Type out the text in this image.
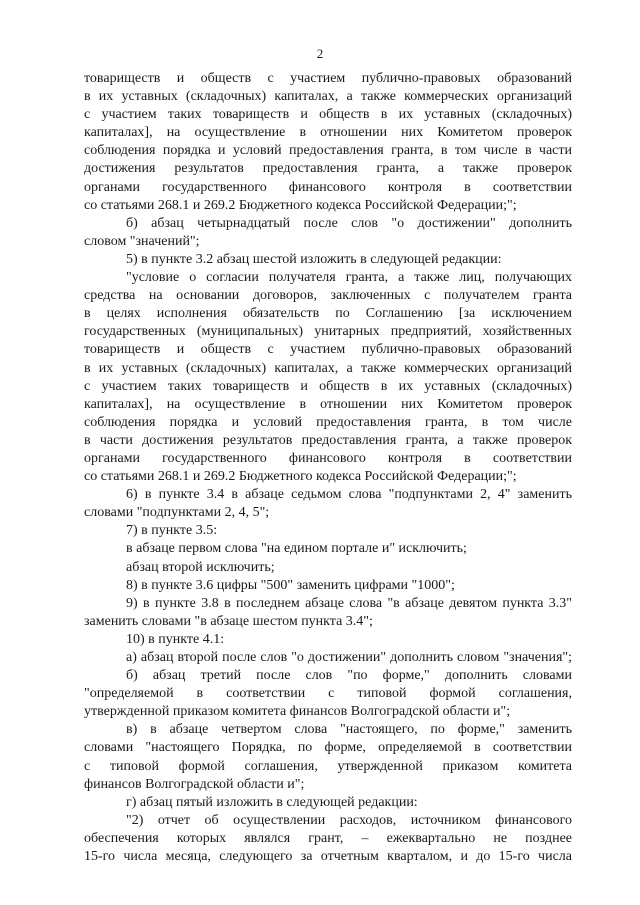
2
товариществ и обществ с участием публично-правовых образований
в их уставных (складочных) капиталах, а также коммерческих организаций
с участием таких товариществ и обществ в их уставных (складочных)
капиталах], на осуществление в отношении них Комитетом проверок
соблюдения порядка и условий предоставления гранта, в том числе в части
достижения результатов предоставления гранта, а также проверок
органами государственного финансового контроля в соответствии
со статьями 268.1 и 269.2 Бюджетного кодекса Российской Федерации;";
б) абзац четырнадцатый после слов "о достижении" дополнить
словом "значений";
5) в пункте 3.2 абзац шестой изложить в следующей редакции:
"условие о согласии получателя гранта, а также лиц, получающих
средства на основании договоров, заключенных с получателем гранта
в целях исполнения обязательств по Соглашению [за исключением
государственных (муниципальных) унитарных предприятий, хозяйственных
товариществ и обществ с участием публично-правовых образований
в их уставных (складочных) капиталах, а также коммерческих организаций
с участием таких товариществ и обществ в их уставных (складочных)
капиталах], на осуществление в отношении них Комитетом проверок
соблюдения порядка и условий предоставления гранта, в том числе
в части достижения результатов предоставления гранта, а также проверок
органами государственного финансового контроля в соответствии
со статьями 268.1 и 269.2 Бюджетного кодекса Российской Федерации;";
6) в пункте 3.4 в абзаце седьмом слова "подпунктами 2, 4" заменить
словами "подпунктами 2, 4, 5";
7) в пункте 3.5:
в абзаце первом слова "на едином портале и" исключить;
абзац второй исключить;
8) в пункте 3.6 цифры "500" заменить цифрами "1000";
9) в пункте 3.8 в последнем абзаце слова "в абзаце девятом пункта 3.3"
заменить словами "в абзаце шестом пункта 3.4";
10) в пункте 4.1:
а) абзац второй после слов "о достижении" дополнить словом "значения";
б) абзац третий после слов "по форме," дополнить словами
"определяемой в соответствии с типовой формой соглашения,
утвержденной приказом комитета финансов Волгоградской области и";
в) в абзаце четвертом слова "настоящего, по форме," заменить
словами "настоящего Порядка, по форме, определяемой в соответствии
с типовой формой соглашения, утвержденной приказом комитета
финансов Волгоградской области и";
г) абзац пятый изложить в следующей редакции:
"2) отчет об осуществлении расходов, источником финансового
обеспечения которых являлся грант, – ежеквартально не позднее
15-го числа месяца, следующего за отчетным кварталом, и до 15-го числа
